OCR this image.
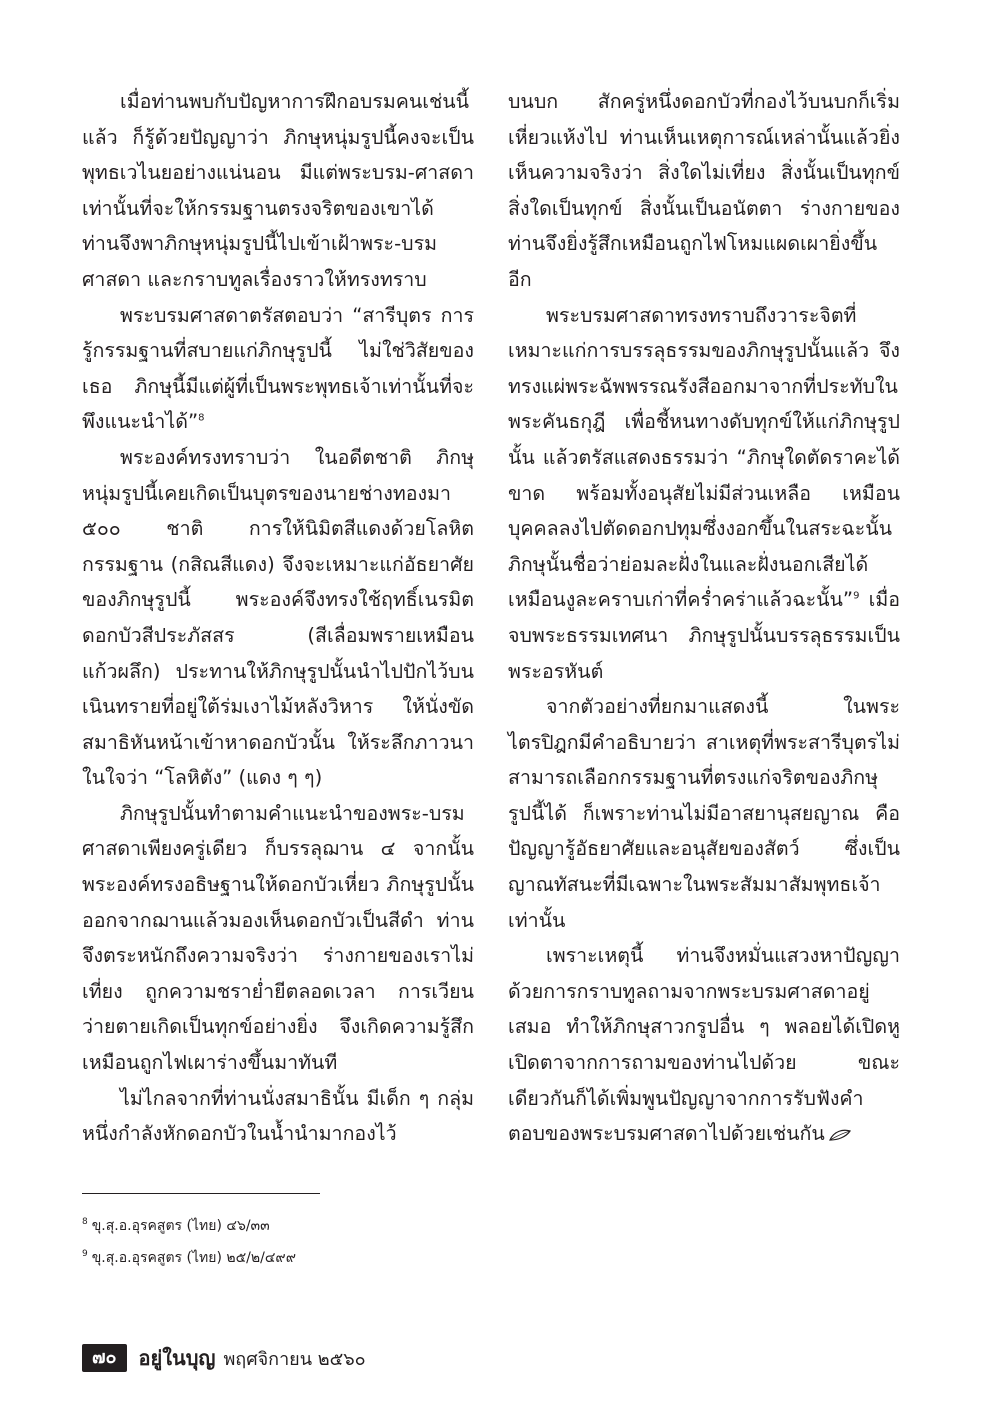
เมื่อท่านพบกับปัญหาการฝึกอบรมคนเช่นนี้แล้ว ก็รู้ด้วยปัญญาว่า ภิกษุหนุ่มรูปนี้คงจะเป็นพุทธเวไนยอย่างแน่นอน มีแต่พระบรม-ศาสดาเท่านั้นที่จะให้กรรมฐานตรงจริตของเขาได้ ท่านจึงพาภิกษุหนุ่มรูปนี้ไปเข้าเฝ้าพระ-บรมศาสดา และกราบทูลเรื่องราวให้ทรงทราบ

พระบรมศาสดาตรัสตอบว่า “สารีบุตร การรู้กรรมฐานที่สบายแก่ภิกษุรูปนี้ ไม่ใช่วิสัยของเธอ ภิกษุนี้มีแต่ผู้ที่เป็นพระพุทธเจ้าเท่านั้นที่จะพึงแนะนำได้”$^8$

พระองค์ทรงทราบว่า ในอดีตชาติ ภิกษุหนุ่มรูปนี้เคยเกิดเป็นบุตรของนายช่างทองมา ๕๐๐ ชาติ การให้นิมิตสีแดงด้วยโลหิตกรรมฐาน (กสิณสีแดง) จึงจะเหมาะแก่อัธยาศัยของภิกษุรูปนี้ พระองค์จึงทรงใช้ฤทธิ์เนรมิตดอกบัวสีประภัสสร (สีเลื่อมพรายเหมือนแก้วผลึก) ประทานให้ภิกษุรูปนั้นนำไปปักไว้บนเนินทรายที่อยู่ใต้ร่มเงาไม้หลังวิหาร ให้นั่งขัดสมาธิหันหน้าเข้าหาดอกบัวนั้น ให้ระลึกภาวนาในใจว่า “โลหิตัง” (แดง ๆ ๆ)

ภิกษุรูปนั้นทำตามคำแนะนำของพระ-บรมศาสดาเพียงครู่เดียว ก็บรรลุฌาน ๔ จากนั้นพระองค์ทรงอธิษฐานให้ดอกบัวเหี่ยว ภิกษุรูปนั้นออกจากฌานแล้วมองเห็นดอกบัวเป็นสีดำ ท่านจึงตระหนักถึงความจริงว่า ร่างกายของเราไม่เที่ยง ถูกความชราย่ำยีตลอดเวลา การเวียนว่ายตายเกิดเป็นทุกข์อย่างยิ่ง จึงเกิดความรู้สึกเหมือนถูกไฟเผาร่างขึ้นมาทันที

ไม่ไกลจากที่ท่านนั่งสมาธินั้น มีเด็ก ๆ กลุ่มหนึ่งกำลังหักดอกบัวในน้ำนำมากองไว้

บนบก สักครู่หนึ่งดอกบัวที่กองไว้บนบกก็เริ่มเหี่ยวแห้งไป ท่านเห็นเหตุการณ์เหล่านั้นแล้วยิ่งเห็นความจริงว่า สิ่งใดไม่เที่ยง สิ่งนั้นเป็นทุกข์ สิ่งใดเป็นทุกข์ สิ่งนั้นเป็นอนัตตา ร่างกายของท่านจึงยิ่งรู้สึกเหมือนถูกไฟโหมแผดเผายิ่งขึ้นอีก

พระบรมศาสดาทรงทราบถึงวาระจิตที่เหมาะแก่การบรรลุธรรมของภิกษุรูปนั้นแล้ว จึงทรงแผ่พระฉัพพรรณรังสีออกมาจากที่ประทับในพระคันธกุฎี เพื่อชี้หนทางดับทุกข์ให้แก่ภิกษุรูปนั้น แล้วตรัสแสดงธรรมว่า “ภิกษุใดตัดราคะได้ขาด พร้อมทั้งอนุสัยไม่มีส่วนเหลือ เหมือนบุคคลลงไปตัดดอกปทุมซึ่งงอกขึ้นในสระฉะนั้น ภิกษุนั้นชื่อว่าย่อมละฝั่งในและฝั่งนอกเสียได้ เหมือนงูละคราบเก่าที่คร่ำคร่าแล้วฉะนั้น”$^9$ เมื่อจบพระธรรมเทศนา ภิกษุรูปนั้นบรรลุธรรมเป็นพระอรหันต์

จากตัวอย่างที่ยกมาแสดงนี้ ในพระไตรปิฎกมีคำอธิบายว่า สาเหตุที่พระสารีบุตรไม่สามารถเลือกกรรมฐานที่ตรงแก่จริตของภิกษุรูปนี้ได้ ก็เพราะท่านไม่มีอาสยานุสยญาณ คือ ปัญญารู้อัธยาศัยและอนุสัยของสัตว์ ซึ่งเป็นญาณทัสนะที่มีเฉพาะในพระสัมมาสัมพุทธเจ้าเท่านั้น

เพราะเหตุนี้ ท่านจึงหมั่นแสวงหาปัญญาด้วยการกราบทูลถามจากพระบรมศาสดาอยู่เสมอ ทำให้ภิกษุสาวกรูปอื่น ๆ พลอยได้เปิดหูเปิดตาจากการถามของท่านไปด้วย ขณะเดียวกันก็ได้เพิ่มพูนปัญญาจากการรับฟังคำตอบของพระบรมศาสดาไปด้วยเช่นกัน

$^8$ ขุ.สุ.อ.อุรคสูตร (ไทย) ๔๖/๓๓
$^9$ ขุ.สุ.อ.อุรคสูตร (ไทย) ๒๕/๒/๔๙๙
๗๐	อยู่ในบุญ พฤศจิกายน ๒๕๖๐
